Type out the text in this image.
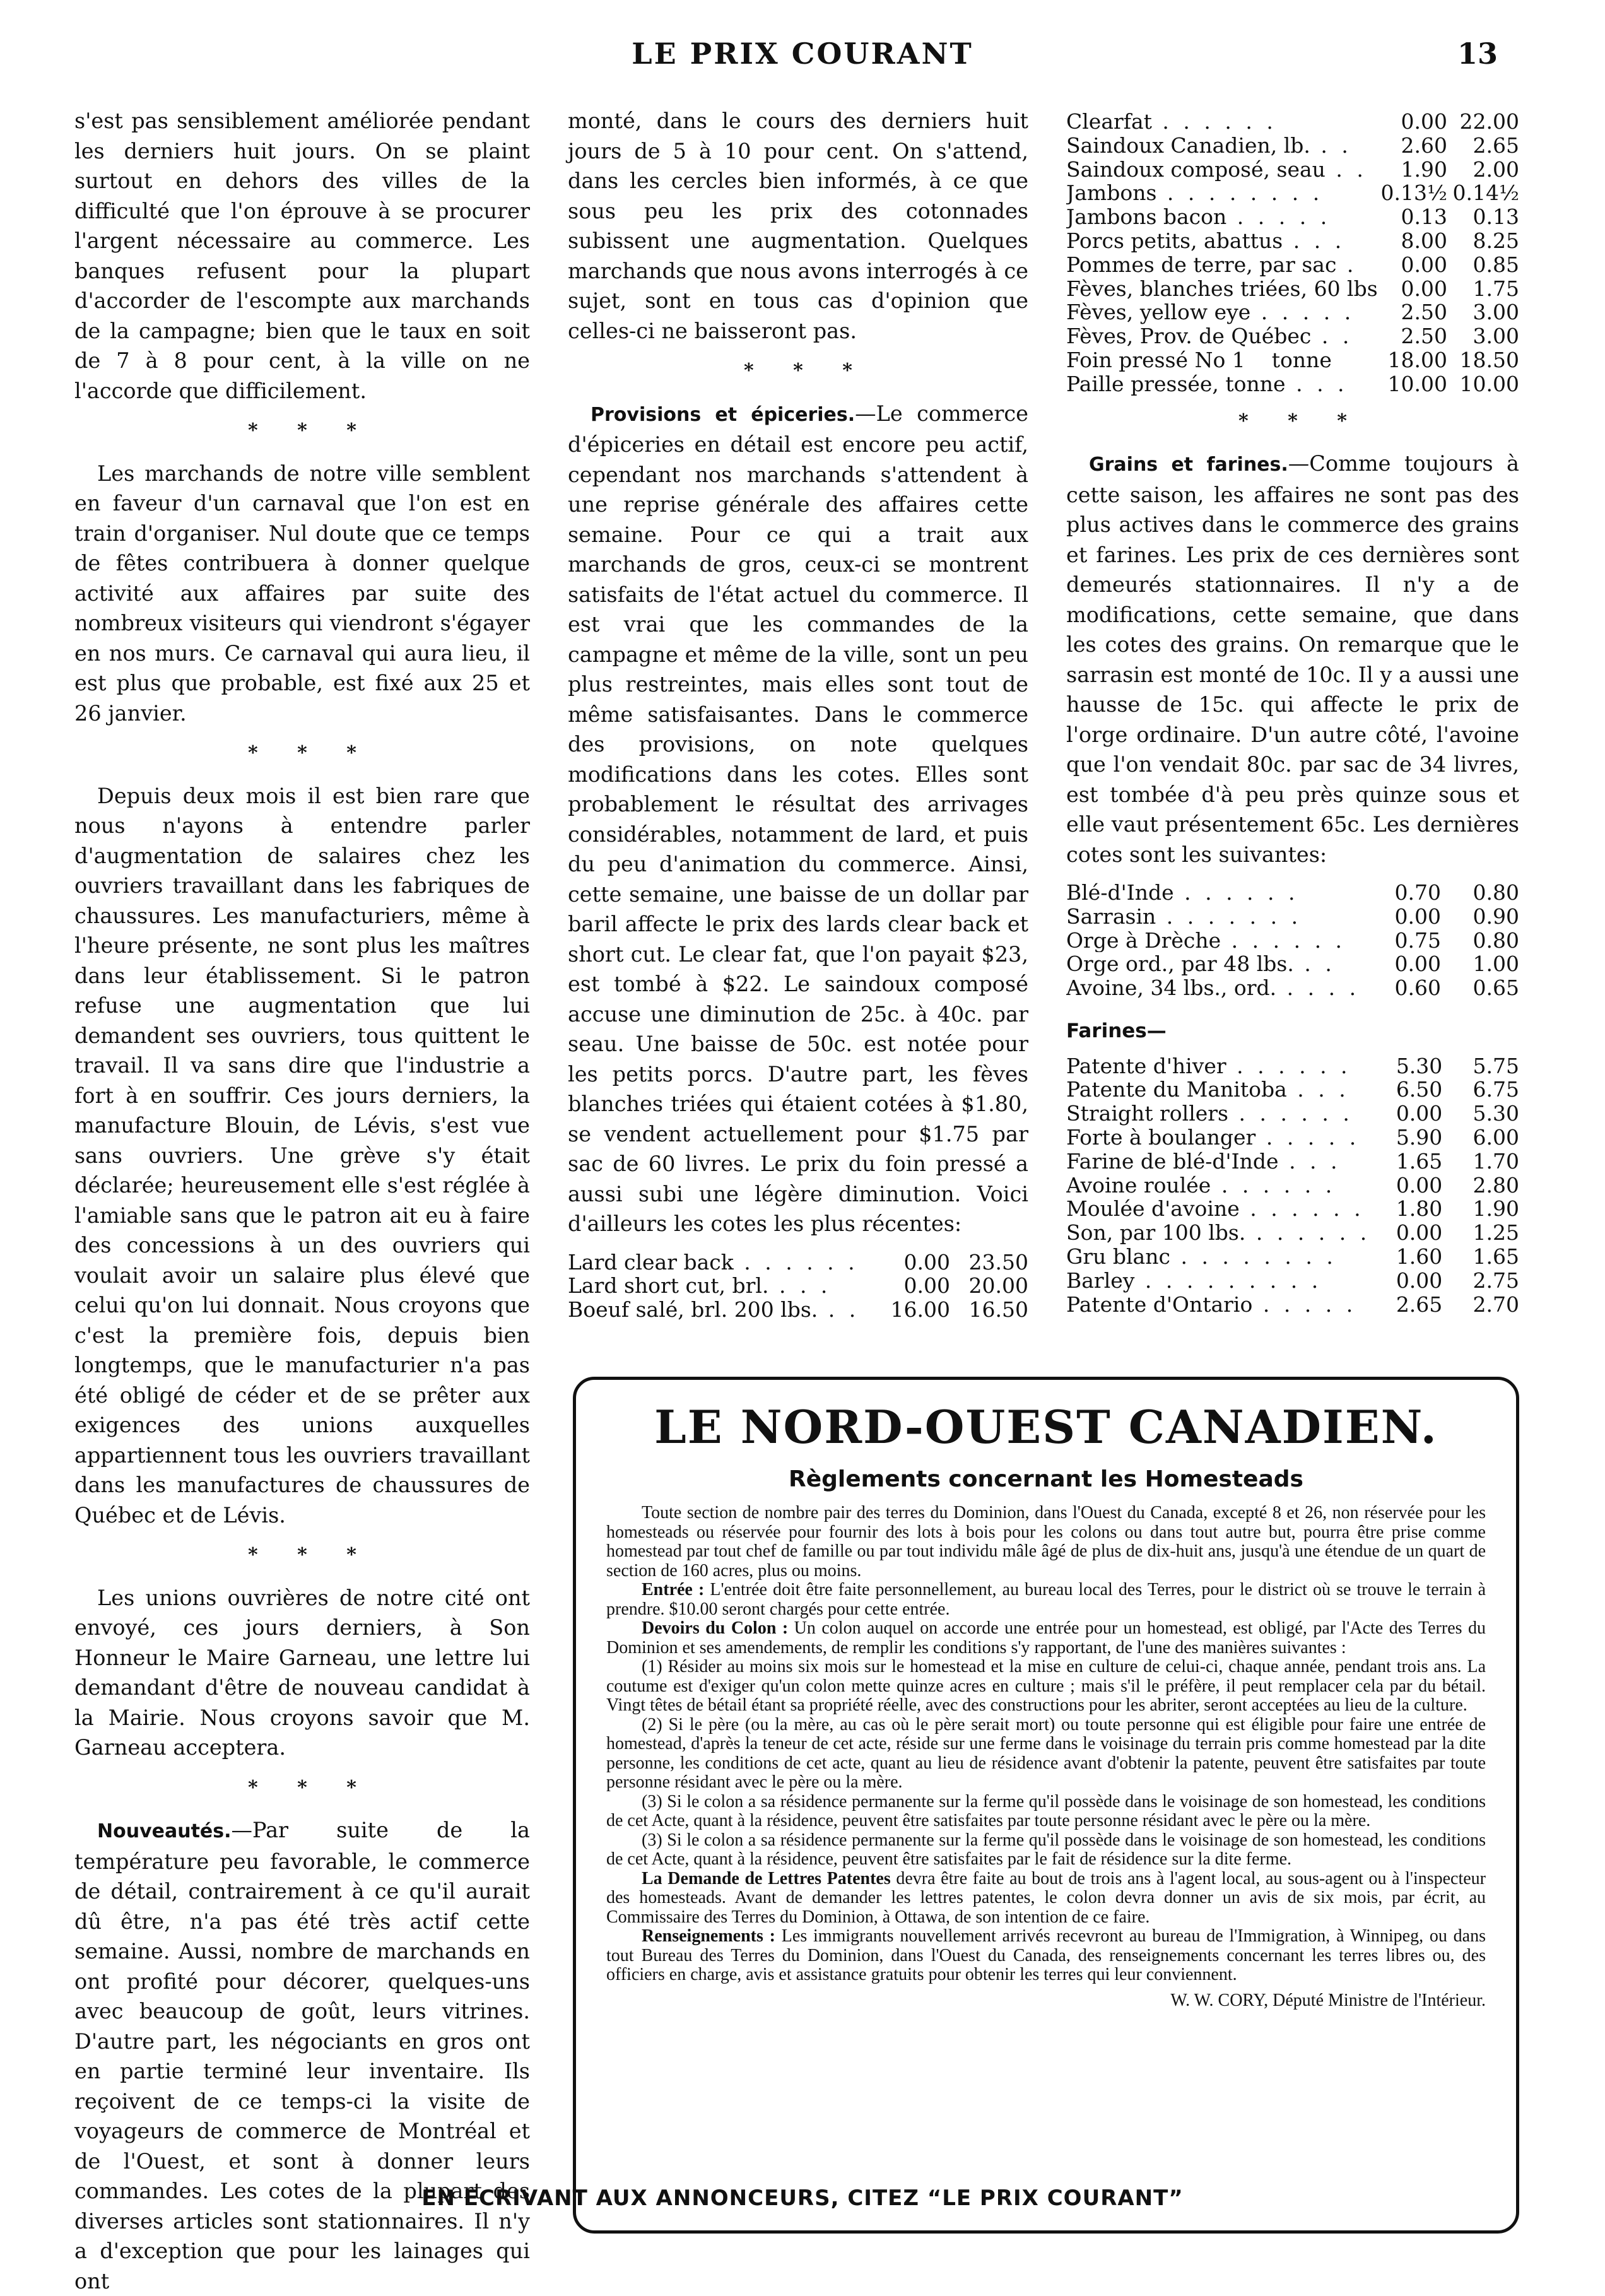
LE PRIX COURANT	13

s'est pas sensiblement améliorée pendant les derniers huit jours. On se plaint surtout en dehors des villes de la difficulté que l'on éprouve à se procurer l'argent nécessaire au commerce. Les banques refusent pour la plupart d'accorder de l'escompte aux marchands de la campagne; bien que le taux en soit de 7 à 8 pour cent, à la ville on ne l'accorde que difficilement.

* * *

Les marchands de notre ville semblent en faveur d'un carnaval que l'on est en train d'organiser. Nul doute que ce temps de fêtes contribuera à donner quelque activité aux affaires par suite des nombreux visiteurs qui viendront s'égayer en nos murs. Ce carnaval qui aura lieu, il est plus que probable, est fixé aux 25 et 26 janvier.

* * *

Depuis deux mois il est bien rare que nous n'ayons à entendre parler d'augmentation de salaires chez les ouvriers travaillant dans les fabriques de chaussures. Les manufacturiers, même à l'heure présente, ne sont plus les maîtres dans leur établissement. Si le patron refuse une augmentation que lui demandent ses ouvriers, tous quittent le travail. Il va sans dire que l'industrie a fort à en souffrir. Ces jours derniers, la manufacture Blouin, de Lévis, s'est vue sans ouvriers. Une grève s'y était déclarée; heureusement elle s'est réglée à l'amiable sans que le patron ait eu à faire des concessions à un des ouvriers qui voulait avoir un salaire plus élevé que celui qu'on lui donnait. Nous croyons que c'est la première fois, depuis bien longtemps, que le manufacturier n'a pas été obligé de céder et de se prêter aux exigences des unions auxquelles appartiennent tous les ouvriers travaillant dans les manufactures de chaussures de Québec et de Lévis.

* * *

Les unions ouvrières de notre cité ont envoyé, ces jours derniers, à Son Honneur le Maire Garneau, une lettre lui demandant d'être de nouveau candidat à la Mairie. Nous croyons savoir que M. Garneau acceptera.

* * *

Nouveautés.—Par suite de la température peu favorable, le commerce de détail, contrairement à ce qu'il aurait dû être, n'a pas été très actif cette semaine. Aussi, nombre de marchands en ont profité pour décorer, quelques-uns avec beaucoup de goût, leurs vitrines. D'autre part, les négociants en gros ont en partie terminé leur inventaire. Ils reçoivent de ce temps-ci la visite de voyageurs de commerce de Montréal et de l'Ouest, et sont à donner leurs commandes. Les cotes de la plupart des diverses articles sont stationnaires. Il n'y a d'exception que pour les lainages qui ont

monté, dans le cours des derniers huit jours de 5 à 10 pour cent. On s'attend, dans les cercles bien informés, à ce que sous peu les prix des cotonnades subissent une augmentation. Quelques marchands que nous avons interrogés à ce sujet, sont en tous cas d'opinion que celles-ci ne baisseront pas.

* * *

Provisions et épiceries.—Le commerce d'épiceries en détail est encore peu actif, cependant nos marchands s'attendent à une reprise générale des affaires cette semaine. Pour ce qui a trait aux marchands de gros, ceux-ci se montrent satisfaits de l'état actuel du commerce. Il est vrai que les commandes de la campagne et même de la ville, sont un peu plus restreintes, mais elles sont tout de même satisfaisantes. Dans le commerce des provisions, on note quelques modifications dans les cotes. Elles sont probablement le résultat des arrivages considérables, notamment de lard, et puis du peu d'animation du commerce. Ainsi, cette semaine, une baisse de un dollar par baril affecte le prix des lards clear back et short cut. Le clear fat, que l'on payait $23, est tombé à $22. Le saindoux composé accuse une diminution de 25c. à 40c. par seau. Une baisse de 50c. est notée pour les petits porcs. D'autre part, les fèves blanches triées qui étaient cotées à $1.80, se vendent actuellement pour $1.75 par sac de 60 livres. Le prix du foin pressé a aussi subi une légère diminution. Voici d'ailleurs les cotes les plus récentes:

Lard clear back . . . . . .	0.00	23.50
Lard short cut, brl. . . .	0.00	20.00
Boeuf salé, brl. 200 lbs. . .	16.00	16.50
Clearfat . . . . . .	0.00	22.00
Saindoux Canadien, lb. . .	2.60	2.65
Saindoux composé, seau . .	1.90	2.00
Jambons . . . . . . . .	0.13½	0.14½
Jambons bacon . . . . .	0.13	0.13
Porcs petits, abattus . . .	8.00	8.25
Pommes de terre, par sac .	0.00	0.85
Fèves, blanches triées, 60 lbs	0.00	1.75
Fèves, yellow eye . . . . .	2.50	3.00
Fèves, Prov. de Québec . .	2.50	3.00
Foin pressé No 1    tonne	18.00	18.50
Paille pressée, tonne . . .	10.00	10.00
* * *

Grains et farines.—Comme toujours à cette saison, les affaires ne sont pas des plus actives dans le commerce des grains et farines. Les prix de ces dernières sont demeurés stationnaires. Il n'y a de modifications, cette semaine, que dans les cotes des grains. On remarque que le sarrasin est monté de 10c. Il y a aussi une hausse de 15c. qui affecte le prix de l'orge ordinaire. D'un autre côté, l'avoine que l'on vendait 80c. par sac de 34 livres, est tombée d'à peu près quinze sous et elle vaut présentement 65c. Les dernières cotes sont les suivantes:

Blé-d'Inde . . . . . .	0.70	0.80
Sarrasin . . . . . . .	0.00	0.90
Orge à Drèche . . . . . .	0.75	0.80
Orge ord., par 48 lbs. . .	0.00	1.00
Avoine, 34 lbs., ord. . . . .	0.60	0.65
Farines—
Patente d'hiver . . . . . .	5.30	5.75
Patente du Manitoba . . .	6.50	6.75
Straight rollers . . . . . .	0.00	5.30
Forte à boulanger . . . . .	5.90	6.00
Farine de blé-d'Inde . . .	1.65	1.70
Avoine roulée . . . . . .	0.00	2.80
Moulée d'avoine . . . . . .	1.80	1.90
Son, par 100 lbs. . . . . . .	0.00	1.25
Gru blanc . . . . . . . .	1.60	1.65
Barley . . . . . . . . .	0.00	2.75
Patente d'Ontario . . . . .	2.65	2.70
LE NORD-OUEST CANADIEN.
Règlements concernant les Homesteads

Toute section de nombre pair des terres du Dominion, dans l'Ouest du Canada, excepté 8 et 26, non réservée pour les homesteads ou réservée pour fournir des lots à bois pour les colons ou dans tout autre but, pourra être prise comme homestead par tout chef de famille ou par tout individu mâle âgé de plus de dix-huit ans, jusqu'à une étendue de un quart de section de 160 acres, plus ou moins.

Entrée : L'entrée doit être faite personnellement, au bureau local des Terres, pour le district où se trouve le terrain à prendre. $10.00 seront chargés pour cette entrée.

Devoirs du Colon : Un colon auquel on accorde une entrée pour un homestead, est obligé, par l'Acte des Terres du Dominion et ses amendements, de remplir les conditions s'y rapportant, de l'une des manières suivantes :

(1) Résider au moins six mois sur le homestead et la mise en culture de celui-ci, chaque année, pendant trois ans. La coutume est d'exiger qu'un colon mette quinze acres en culture ; mais s'il le préfère, il peut remplacer cela par du bétail. Vingt têtes de bétail étant sa propriété réelle, avec des constructions pour les abriter, seront acceptées au lieu de la culture.

(2) Si le père (ou la mère, au cas où le père serait mort) ou toute personne qui est éligible pour faire une entrée de homestead, d'après la teneur de cet acte, réside sur une ferme dans le voisinage du terrain pris comme homestead par la dite personne, les conditions de cet acte, quant au lieu de résidence avant d'obtenir la patente, peuvent être satisfaites par toute personne résidant avec le père ou la mère.

(3) Si le colon a sa résidence permanente sur la ferme qu'il possède dans le voisinage de son homestead, les conditions de cet Acte, quant à la résidence, peuvent être satisfaites par toute personne résidant avec le père ou la mère.

(3) Si le colon a sa résidence permanente sur la ferme qu'il possède dans le voisinage de son homestead, les conditions de cet Acte, quant à la résidence, peuvent être satisfaites par le fait de résidence sur la dite ferme.

La Demande de Lettres Patentes devra être faite au bout de trois ans à l'agent local, au sous-agent ou à l'inspecteur des homesteads. Avant de demander les lettres patentes, le colon devra donner un avis de six mois, par écrit, au Commissaire des Terres du Dominion, à Ottawa, de son intention de ce faire.

Renseignements : Les immigrants nouvellement arrivés recevront au bureau de l'Immigration, à Winnipeg, ou dans tout Bureau des Terres du Dominion, dans l'Ouest du Canada, des renseignements concernant les terres libres ou, des officiers en charge, avis et assistance gratuits pour obtenir les terres qui leur conviennent.

W. W. CORY, Député Ministre de l'Intérieur.

EN ECRIVANT AUX ANNONCEURS, CITEZ “LE PRIX COURANT”
